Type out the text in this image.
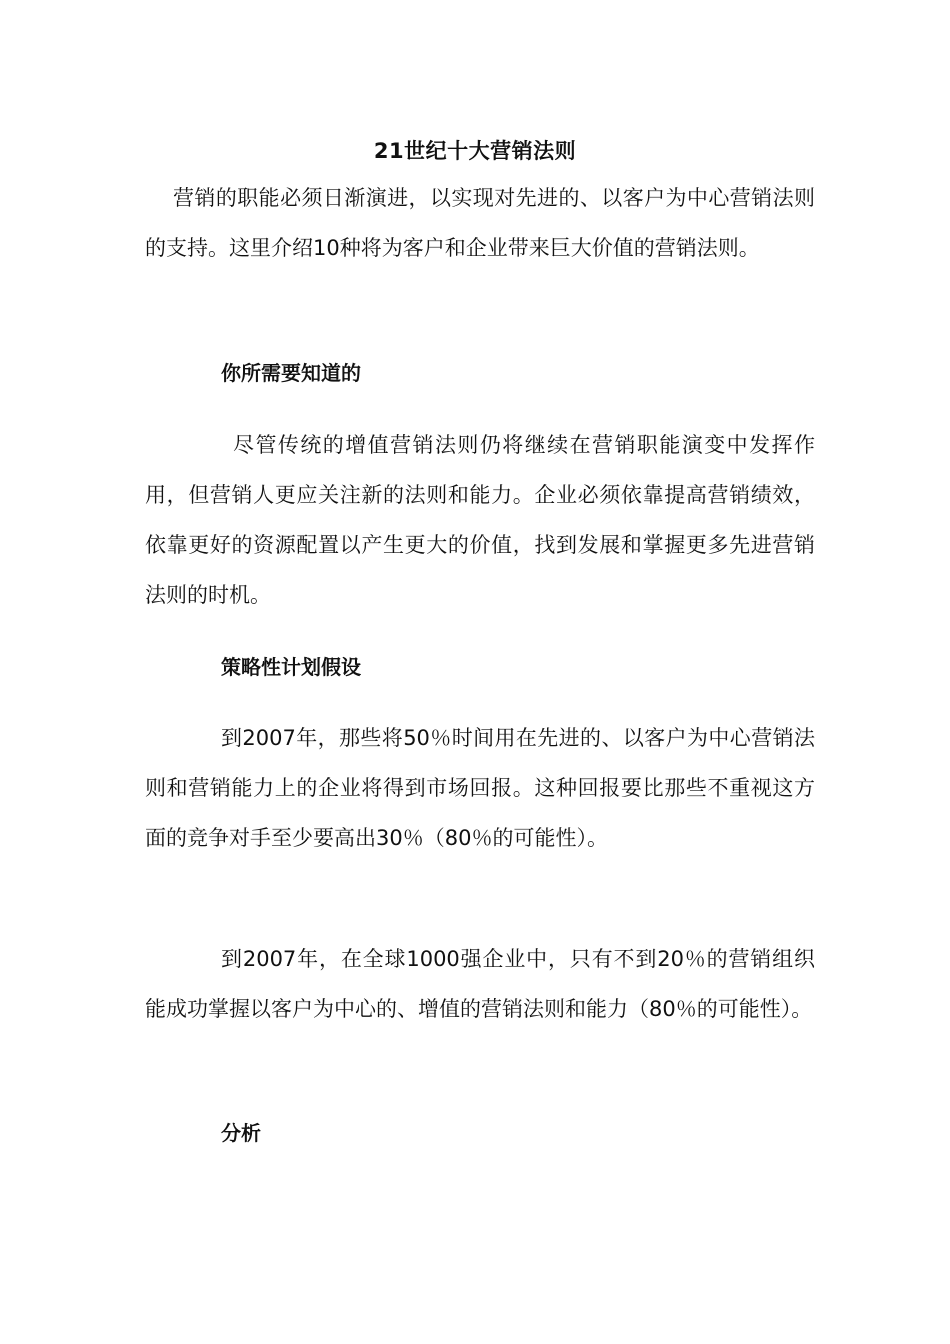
21世纪十大营销法则
营销的职能必须日渐演进，以实现对先进的、以客户为中心营销法则的支持。这里介绍10种将为客户和企业带来巨大价值的营销法则。
你所需要知道的
尽管传统的增值营销法则仍将继续在营销职能演变中发挥作用，但营销人更应关注新的法则和能力。企业必须依靠提高营销绩效，依靠更好的资源配置以产生更大的价值，找到发展和掌握更多先进营销法则的时机。
策略性计划假设
到2007年，那些将50％时间用在先进的、以客户为中心营销法则和营销能力上的企业将得到市场回报。这种回报要比那些不重视这方面的竞争对手至少要高出30％（80％的可能性）。
到2007年，在全球1000强企业中，只有不到20％的营销组织能成功掌握以客户为中心的、增值的营销法则和能力（80％的可能性）。
分析
